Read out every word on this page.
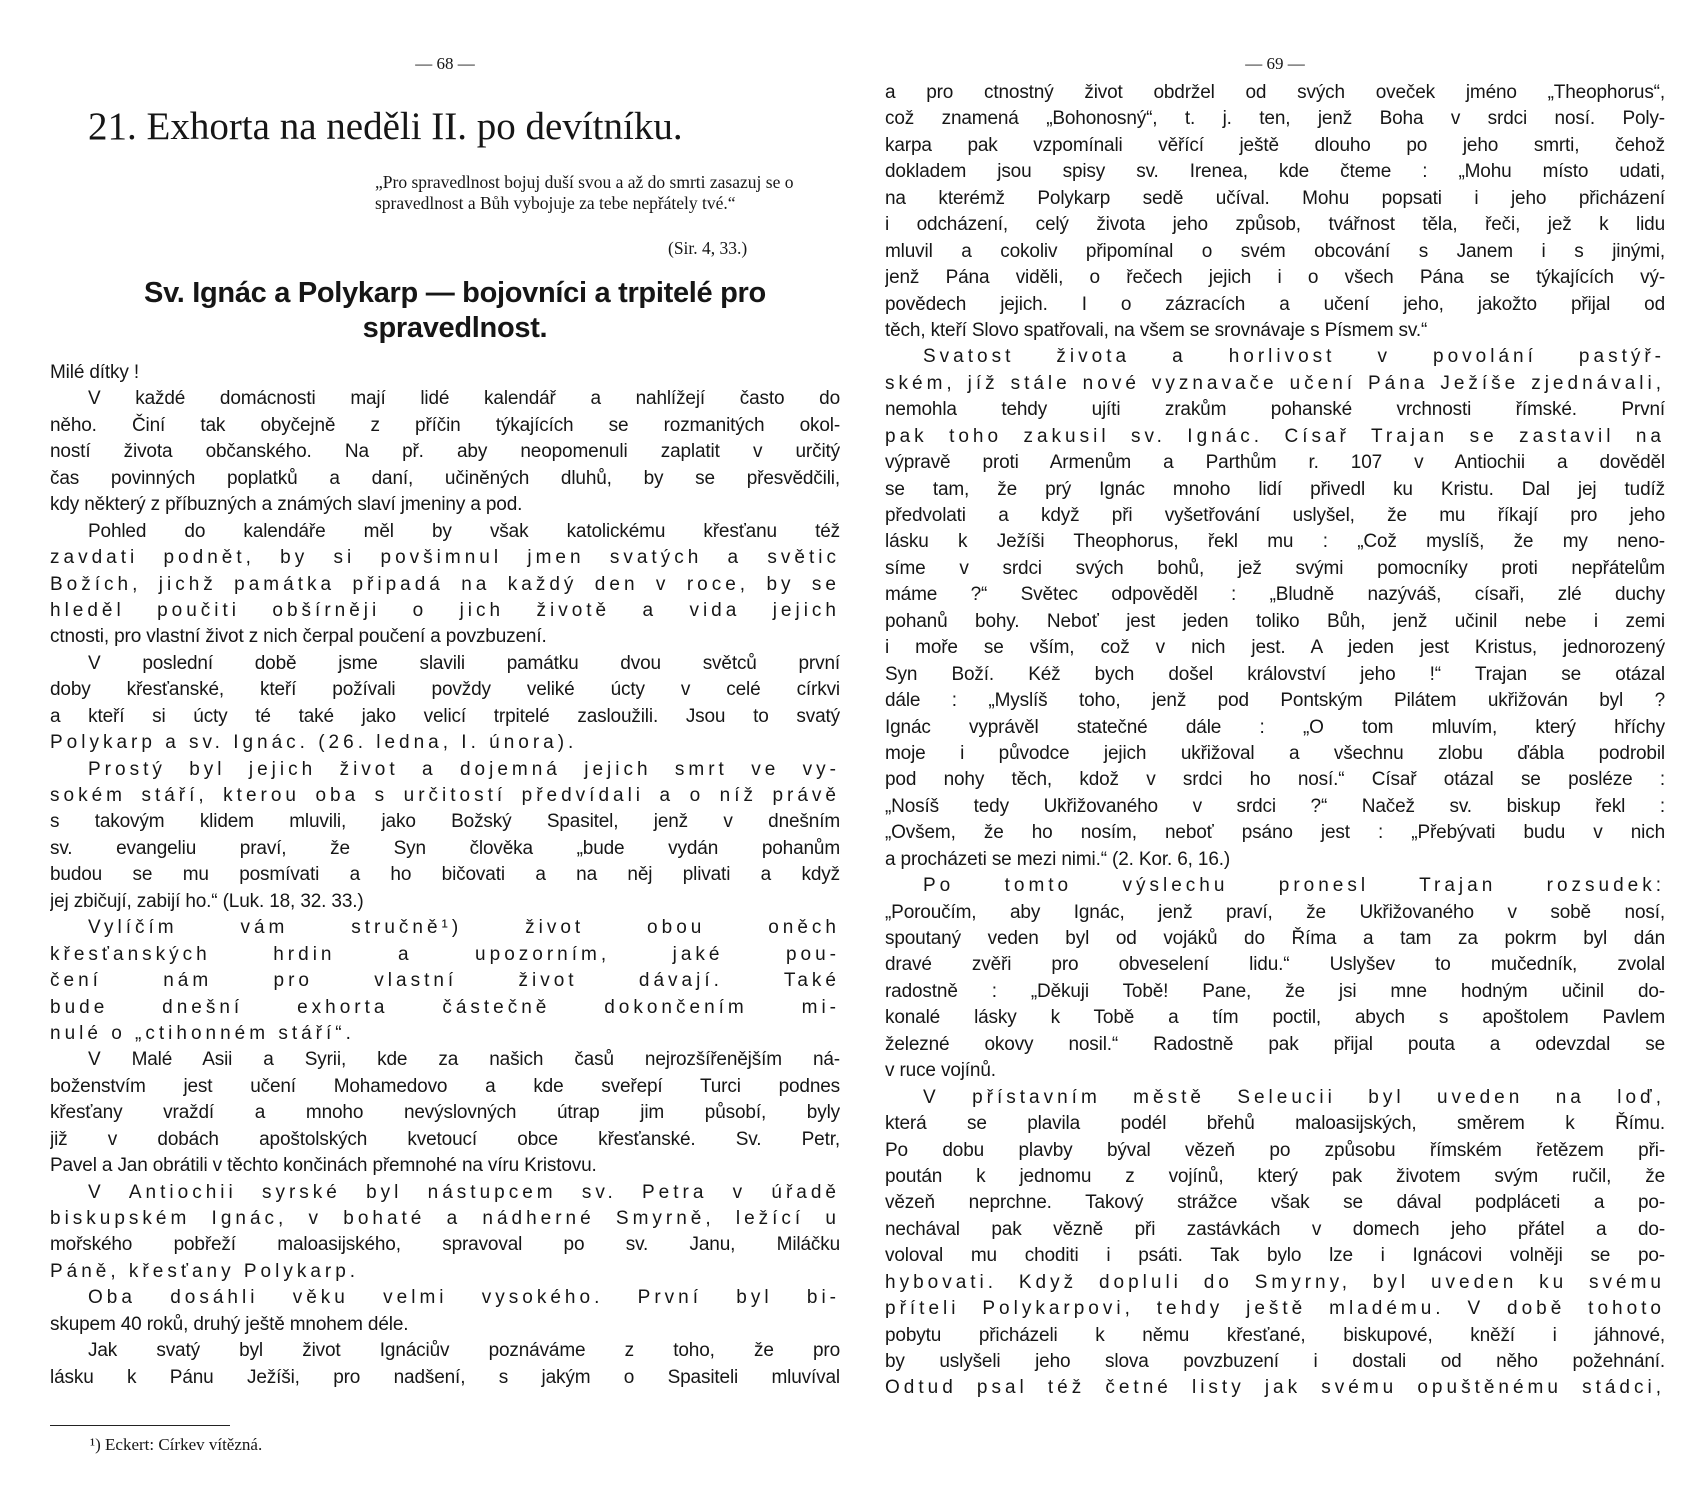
— 68 —
21. Exhorta na neděli II. po devítníku.

„Pro spravedlnost bojuj duší svou a až do smrti zasazuj se o spravedlnost a Bůh vybojuje za tebe nepřátely tvé.“

(Sir. 4, 33.)
Sv. Ignác a Polykarp — bojovníci a trpitelé pro spravedlnost.
Milé dítky !
V každé domácnosti mají lidé kalendář a nahlížejí často do
něho. Činí tak obyčejně z příčin týkajících se rozmanitých okol-
ností života občanského. Na př. aby neopomenuli zaplatit v určitý
čas povinných poplatků a daní, učiněných dluhů, by se přesvědčili,
kdy některý z příbuzných a známých slaví jmeniny a pod.
Pohled do kalendáře měl by však katolickému křesťanu též
zavdati podnět, by si povšimnul jmen svatých a světic
Božích, jichž památka připadá na každý den v roce, by se
hleděl poučiti obšírněji o jich životě a vida jejich
ctnosti, pro vlastní život z nich čerpal poučení a povzbuzení.
V poslední době jsme slavili památku dvou světců první
doby křesťanské, kteří požívali povždy veliké úcty v celé církvi
a kteří si úcty té také jako velicí trpitelé zasloužili. Jsou to svatý
Polykarp a sv. Ignác. (26. ledna, I. února).
Prostý byl jejich život a dojemná jejich smrt ve vy-
sokém stáří, kterou oba s určitostí předvídali a o níž právě
s takovým klidem mluvili, jako Božský Spasitel, jenž v dnešním
sv. evangeliu praví, že Syn člověka „bude vydán pohanům
budou se mu posmívati a ho bičovati a na něj plivati a když
jej zbičují, zabijí ho.“ (Luk. 18, 32. 33.)
Vylíčím vám stručně¹) život obou oněch
křesťanských hrdin a upozorním, jaké pou-
čení nám pro vlastní život dávají. Také
bude dnešní exhorta částečně dokončením mi-
nulé o „ctihonném stáří“.
V Malé Asii a Syrii, kde za našich časů nejrozšířenějším ná-
boženstvím jest učení Mohamedovo a kde sveřepí Turci podnes
křesťany vraždí a mnoho nevýslovných útrap jim působí, byly
již v dobách apoštolských kvetoucí obce křesťanské. Sv. Petr,
Pavel a Jan obrátili v těchto končinách přemnohé na víru Kristovu.
V Antiochii syrské byl nástupcem sv. Petra v úřadě
biskupském Ignác, v bohaté a nádherné Smyrně, ležící u
mořského pobřeží maloasijského, spravoval po sv. Janu, Miláčku
Páně, křesťany Polykarp.
Oba dosáhli věku velmi vysokého. První byl bi-
skupem 40 roků, druhý ještě mnohem déle.
Jak svatý byl život Ignáciův poznáváme z toho, že pro
lásku k Pánu Ježíši, pro nadšení, s jakým o Spasiteli mluvíval
¹) Eckert: Církev vítězná.
— 69 —
a pro ctnostný život obdržel od svých oveček jméno „Theophorus“,
což znamená „Bohonosný“, t. j. ten, jenž Boha v srdci nosí. Poly-
karpa pak vzpomínali věřící ještě dlouho po jeho smrti, čehož
dokladem jsou spisy sv. Irenea, kde čteme : „Mohu místo udati,
na kterémž Polykarp sedě učíval. Mohu popsati i jeho přicházení
i odcházení, celý života jeho způsob, tvářnost těla, řeči, jež k lidu
mluvil a cokoliv připomínal o svém obcování s Janem i s jinými,
jenž Pána viděli, o řečech jejich i o všech Pána se týkajících vý-
povědech jejich. I o zázracích a učení jeho, jakožto přijal od
těch, kteří Slovo spatřovali, na všem se srovnávaje s Písmem sv.“
Svatost života a horlivost v povolání pastýř-
ském, jíž stále nové vyznavače učení Pána Ježíše zjednávali,
nemohla tehdy ujíti zrakům pohanské vrchnosti římské. První
pak toho zakusil sv. Ignác. Císař Trajan se zastavil na
výpravě proti Armenům a Parthům r. 107 v Antiochii a dověděl
se tam, že prý Ignác mnoho lidí přivedl ku Kristu. Dal jej tudíž
předvolati a když při vyšetřování uslyšel, že mu říkají pro jeho
lásku k Ježíši Theophorus, řekl mu : „Což myslíš, že my neno-
síme v srdci svých bohů, jež svými pomocníky proti nepřátelům
máme ?“ Světec odpověděl : „Bludně nazýváš, císaři, zlé duchy
pohanů bohy. Neboť jest jeden toliko Bůh, jenž učinil nebe i zemi
i moře se vším, což v nich jest. A jeden jest Kristus, jednorozený
Syn Boží. Kéž bych došel království jeho !“ Trajan se otázal
dále : „Myslíš toho, jenž pod Pontským Pilátem ukřižován byl ?
Ignác vyprávěl statečné dále : „O tom mluvím, který hříchy
moje i původce jejich ukřižoval a všechnu zlobu ďábla podrobil
pod nohy těch, kdož v srdci ho nosí.“ Císař otázal se posléze :
„Nosíš tedy Ukřižovaného v srdci ?“ Načež sv. biskup řekl :
„Ovšem, že ho nosím, neboť psáno jest : „Přebývati budu v nich
a procházeti se mezi nimi.“ (2. Kor. 6, 16.)
Po tomto výslechu pronesl Trajan rozsudek:
„Poroučím, aby Ignác, jenž praví, že Ukřižovaného v sobě nosí,
spoutaný veden byl od vojáků do Říma a tam za pokrm byl dán
dravé zvěři pro obveselení lidu.“ Uslyšev to mučedník, zvolal
radostně : „Děkuji Tobě! Pane, že jsi mne hodným učinil do-
konalé lásky k Tobě a tím poctil, abych s apoštolem Pavlem
železné okovy nosil.“ Radostně pak přijal pouta a odevzdal se
v ruce vojínů.
V přístavním městě Seleucii byl uveden na loď,
která se plavila podél břehů maloasijských, směrem k Římu.
Po dobu plavby býval vězeň po způsobu římském řetězem při-
poután k jednomu z vojínů, který pak životem svým ručil, že
vězeň neprchne. Takový strážce však se dával podpláceti a po-
nechával pak vězně při zastávkách v domech jeho přátel a do-
voloval mu choditi i psáti. Tak bylo lze i Ignácovi volněji se po-
hybovati. Když dopluli do Smyrny, byl uveden ku svému
příteli Polykarpovi, tehdy ještě mladému. V době tohoto
pobytu přicházeli k němu křesťané, biskupové, kněží i jáhnové,
by uslyšeli jeho slova povzbuzení i dostali od něho požehnání.
Odtud psal též četné listy jak svému opuštěnému stádci,
